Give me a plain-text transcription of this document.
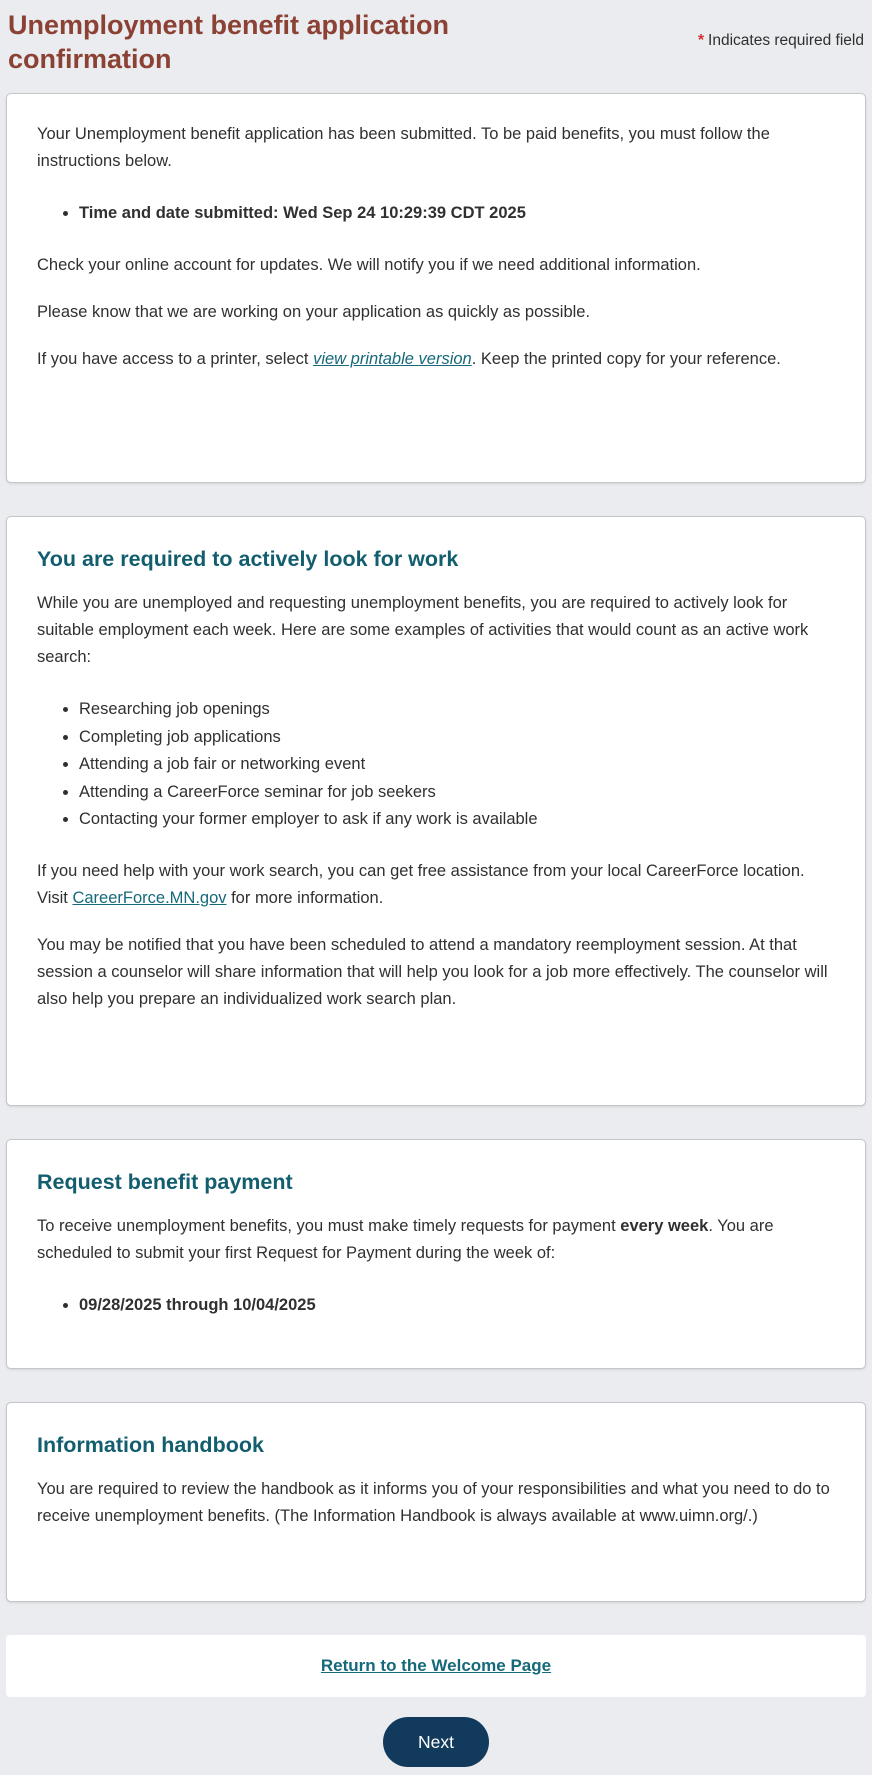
Unemployment benefit application confirmation
* Indicates required field

Your Unemployment benefit application has been submitted. To be paid benefits, you must follow the instructions below.

• Time and date submitted: Wed Sep 24 10:29:39 CDT 2025

Check your online account for updates. We will notify you if we need additional information.

Please know that we are working on your application as quickly as possible.

If you have access to a printer, select view printable version. Keep the printed copy for your reference.

You are required to actively look for work

While you are unemployed and requesting unemployment benefits, you are required to actively look for suitable employment each week. Here are some examples of activities that would count as an active work search:

• Researching job openings
• Completing job applications
• Attending a job fair or networking event
• Attending a CareerForce seminar for job seekers
• Contacting your former employer to ask if any work is available

If you need help with your work search, you can get free assistance from your local CareerForce location. Visit CareerForce.MN.gov for more information.

You may be notified that you have been scheduled to attend a mandatory reemployment session. At that session a counselor will share information that will help you look for a job more effectively. The counselor will also help you prepare an individualized work search plan.

Request benefit payment

To receive unemployment benefits, you must make timely requests for payment every week. You are scheduled to submit your first Request for Payment during the week of:

• 09/28/2025 through 10/04/2025
Information handbook

You are required to review the handbook as it informs you of your responsibilities and what you need to do to receive unemployment benefits. (The Information Handbook is always available at www.uimn.org/.)

Return to the Welcome Page
Next
